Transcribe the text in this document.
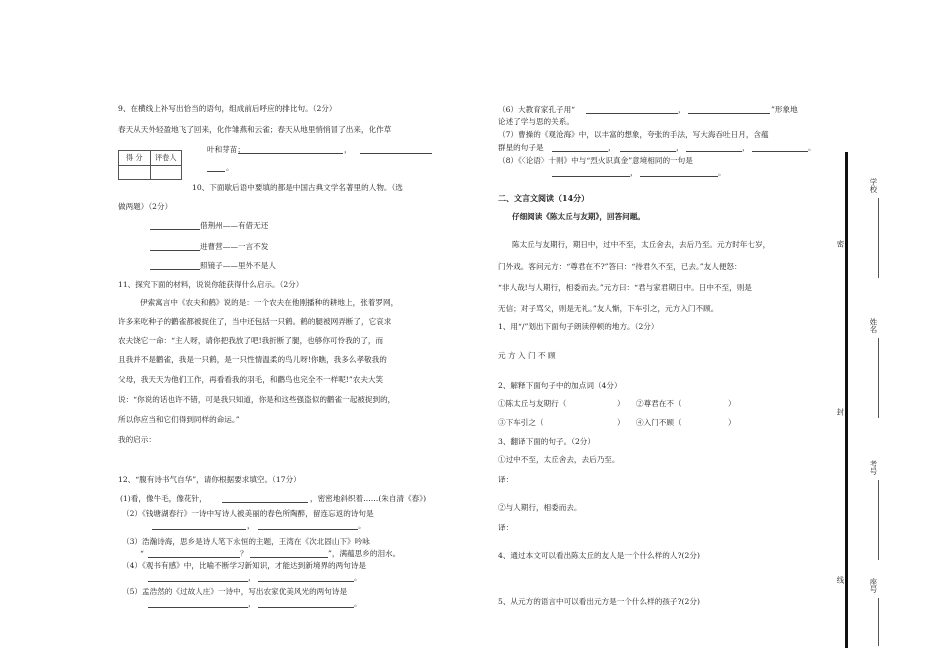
9、在横线上补写出恰当的语句，组成前后呼应的排比句。（2分）
春天从天外轻盈地飞了回来，化作雏燕和云雀；春天从地里悄悄冒了出来，化作草
叶和芽苗；	，
。
得 分	评卷人
10、下面歇后语中要填的都是中国古典文学名著里的人物。（选
做两题）（2分）
借荆州——有借无还
进曹营——一言不发
照镜子——里外不是人
11、探究下面的材料，说说你能获得什么启示。（2分）
伊索寓言中《农夫和鹤》说的是：一个农夫在他刚播种的耕地上，张着罗网，
许多来吃种子的鹳雀都被捉住了，当中还包括一只鹤。鹤的腿被网弄断了，它哀求
农夫饶它一命：“主人呀，请你把我放了吧!我折断了腿，也够你可怜我的了，而
且我并不是鹳雀，我是一只鹤，是一只性情温柔的鸟儿呀!你瞧，我多么孝敬我的
父母，我天天为他们工作，再看看我的羽毛，和鹳鸟也完全不一样呢!”农夫大笑
说：“你说的话也许不错，可是我只知道，你是和这些强盗似的鹳雀一起被捉到的，
所以你应当和它们得到同样的命运。”
我的启示：
12、“腹有诗书气自华”，请你根据要求填空。（17分）
(1)看，像牛毛，像花针，	，密密地斜织着……(朱自清《春》)
（2）《钱塘湖春行》一诗中写诗人被美丽的春色所陶醉，留连忘返的诗句是
，	。
（3）浩瀚诗海，思乡是诗人笔下永恒的主题，王湾在《次北固山下》吟咏
“	？	”，满蕴思乡的泪水。
（4）《观书有感》中，比喻不断学习新知识，才能达到新境界的两句诗是
，	。
（5）孟浩然的《过故人庄》一诗中，写出农家优美风光的两句诗是
，	。
（6）大教育家孔子用“	，	”形象地
论述了学与思的关系。
（7）曹操的《观沧海》中，以丰富的想象，夸张的手法，写大海吞吐日月，含蕴
群星的句子是	，	，	，	。
（8）《〈论语〉十则》中与“烈火识真金”意境相同的一句是
，	。
二、文言文阅读（14分）
仔细阅读《陈太丘与友期》，回答问题。
陈太丘与友期行，期日中，过中不至，太丘舍去，去后乃至。元方时年七岁，
门外戏。客问元方：“尊君在不?”答曰：“待君久不至，已去。”友人便怒：
“非人哉!与人期行，相委而去。”元方曰：“君与家君期日中。日中不至，则是
无信；对子骂父，则是无礼。”友人惭，下车引之，元方入门不顾。
1、用“/”划出下面句子朗读停顿的地方。（2分）
元 方 入 门 不 顾
2、解释下面句子中的加点词（4分）
①陈太丘与友期行（	） ②尊君在不（	）
③下车引之（	） ④入门不顾（	）
3、翻译下面的句子。（2分）
①过中不至，太丘舍去，去后乃至。
译：
②与人期行，相委而去。
译：
4、通过本文可以看出陈太丘的友人是一个什么样的人?(2分)
5、从元方的语言中可以看出元方是一个什么样的孩子?(2分)
学校
密
姓名
封
考号
线	座号
